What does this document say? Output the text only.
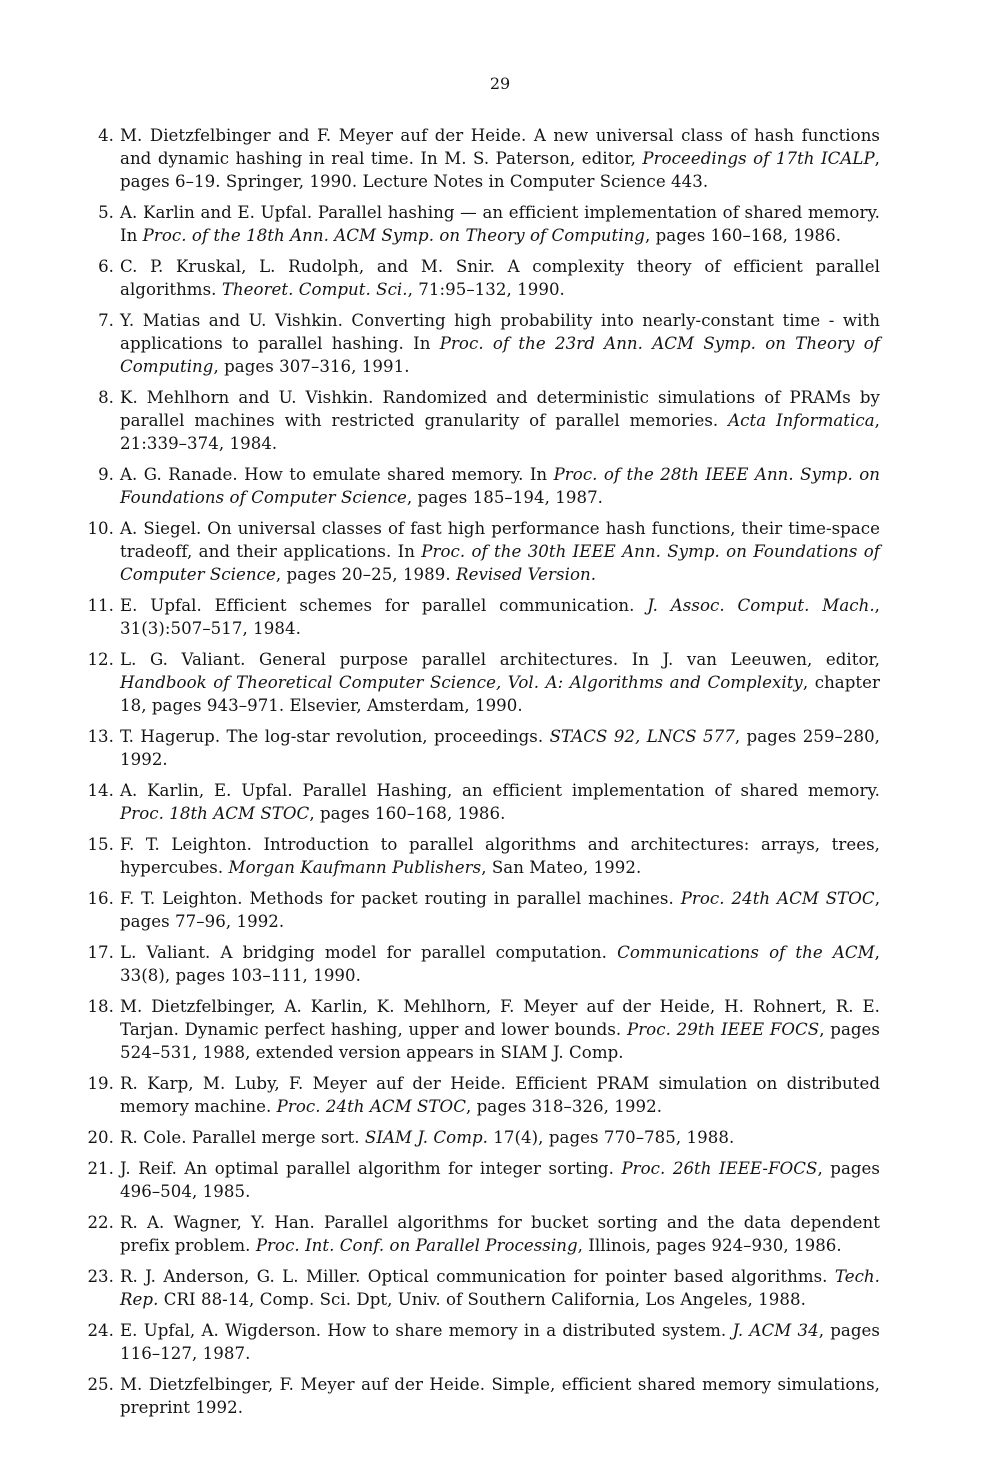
29
4. M. Dietzfelbinger and F. Meyer auf der Heide. A new universal class of hash functions and dynamic hashing in real time. In M. S. Paterson, editor, Proceedings of 17th ICALP, pages 6–19. Springer, 1990. Lecture Notes in Computer Science 443.
5. A. Karlin and E. Upfal. Parallel hashing — an efficient implementation of shared memory. In Proc. of the 18th Ann. ACM Symp. on Theory of Computing, pages 160–168, 1986.
6. C. P. Kruskal, L. Rudolph, and M. Snir. A complexity theory of efficient parallel algorithms. Theoret. Comput. Sci., 71:95–132, 1990.
7. Y. Matias and U. Vishkin. Converting high probability into nearly-constant time - with applications to parallel hashing. In Proc. of the 23rd Ann. ACM Symp. on Theory of Computing, pages 307–316, 1991.
8. K. Mehlhorn and U. Vishkin. Randomized and deterministic simulations of PRAMs by parallel machines with restricted granularity of parallel memories. Acta Informatica, 21:339–374, 1984.
9. A. G. Ranade. How to emulate shared memory. In Proc. of the 28th IEEE Ann. Symp. on Foundations of Computer Science, pages 185–194, 1987.
10. A. Siegel. On universal classes of fast high performance hash functions, their time-space tradeoff, and their applications. In Proc. of the 30th IEEE Ann. Symp. on Foundations of Computer Science, pages 20–25, 1989. Revised Version.
11. E. Upfal. Efficient schemes for parallel communication. J. Assoc. Comput. Mach., 31(3):507–517, 1984.
12. L. G. Valiant. General purpose parallel architectures. In J. van Leeuwen, editor, Handbook of Theoretical Computer Science, Vol. A: Algorithms and Complexity, chapter 18, pages 943–971. Elsevier, Amsterdam, 1990.
13. T. Hagerup. The log-star revolution, proceedings. STACS 92, LNCS 577, pages 259–280, 1992.
14. A. Karlin, E. Upfal. Parallel Hashing, an efficient implementation of shared memory. Proc. 18th ACM STOC, pages 160–168, 1986.
15. F. T. Leighton. Introduction to parallel algorithms and architectures: arrays, trees, hypercubes. Morgan Kaufmann Publishers, San Mateo, 1992.
16. F. T. Leighton. Methods for packet routing in parallel machines. Proc. 24th ACM STOC, pages 77–96, 1992.
17. L. Valiant. A bridging model for parallel computation. Communications of the ACM, 33(8), pages 103–111, 1990.
18. M. Dietzfelbinger, A. Karlin, K. Mehlhorn, F. Meyer auf der Heide, H. Rohnert, R. E. Tarjan. Dynamic perfect hashing, upper and lower bounds. Proc. 29th IEEE FOCS, pages 524–531, 1988, extended version appears in SIAM J. Comp.
19. R. Karp, M. Luby, F. Meyer auf der Heide. Efficient PRAM simulation on distributed memory machine. Proc. 24th ACM STOC, pages 318–326, 1992.
20. R. Cole. Parallel merge sort. SIAM J. Comp. 17(4), pages 770–785, 1988.
21. J. Reif. An optimal parallel algorithm for integer sorting. Proc. 26th IEEE-FOCS, pages 496–504, 1985.
22. R. A. Wagner, Y. Han. Parallel algorithms for bucket sorting and the data dependent prefix problem. Proc. Int. Conf. on Parallel Processing, Illinois, pages 924–930, 1986.
23. R. J. Anderson, G. L. Miller. Optical communication for pointer based algorithms. Tech. Rep. CRI 88-14, Comp. Sci. Dpt, Univ. of Southern California, Los Angeles, 1988.
24. E. Upfal, A. Wigderson. How to share memory in a distributed system. J. ACM 34, pages 116–127, 1987.
25. M. Dietzfelbinger, F. Meyer auf der Heide. Simple, efficient shared memory simulations, preprint 1992.
